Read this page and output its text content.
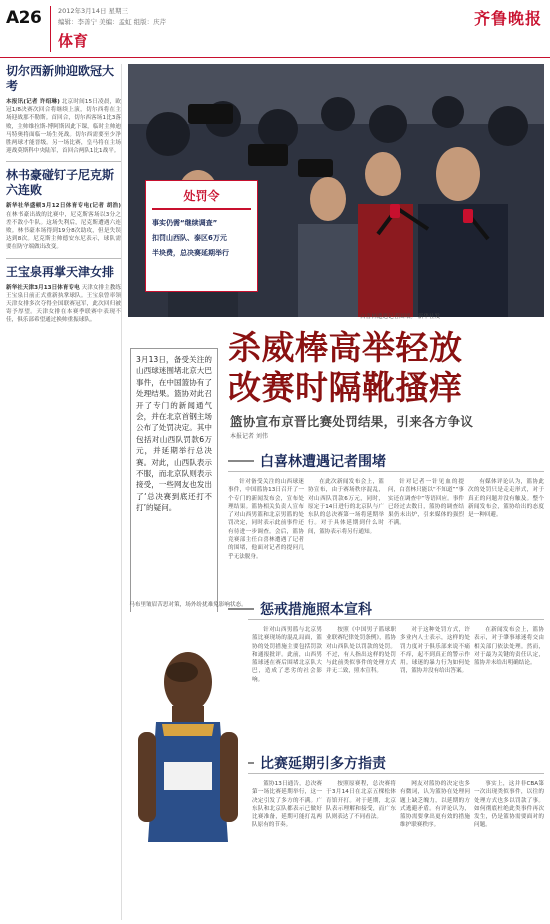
A26	2012年3月14日 星期三
编辑：李善宁 美编：孟虹 组版：庆芹
体育
齐鲁晚报
切尔西新帅迎欧冠大考
本报讯(记者 许绍琳) 北京时间15日凌晨，欧冠1/8决赛次回合将继续上演，切尔西将在主场迎战那不勒斯。首回合，切尔西客场1比3落败，主帅维拉斯-博阿斯因此下课，临时主帅迪马特奥将面临一场生死战。切尔西需要至少净胜两球才能晋级。另一场比赛，皇马将在主场迎战莫斯科中央陆军，首回合两队1比1战平。
林书豪碰钉子尼克斯六连败
新华社华盛顿3月12日体育专电(记者 胡浩) 在林书豪出战的比赛中，尼克斯客场以3分之差不敌小牛队。这场失利后，尼克斯遭遇六连败。林书豪本场得到19分8次助攻，但是失误达到8次。尼克斯主帅德安东尼表示，球队需要在防守端做出改变。
王宝泉再掌天津女排
新华社天津3月13日体育专电 天津女排主教练王宝泉日前正式重新执掌球队。王宝泉曾率领天津女排多次夺得全国联赛冠军，此次回归被寄予厚望。天津女排在本赛季联赛中表现不佳，俱乐部希望通过换帅重振球队。
白喜林遭遇记者围堵。 新华社发
处罚令
事实仍需“继续调查”
扣罚山西队、泰区6万元
半块费，总决赛延期举行
3月13日，备受关注的山西球迷围堵北京大巴事件，在中国篮协有了处理结果。篮协对此召开了专门的新闻通气会，并在北京首钢主场公布了处罚决定。其中包括对山西队罚款6万元，并延期举行总决赛。对此，山西队表示不服，而北京队则表示接受，一些网友也发出了‘总决赛到底还打不打’的疑问。
杀威棒高举轻放
改赛时隔靴搔痒
篮协宣布京晋比赛处罚结果，引来各方争议
本报记者 刘伟
白喜林遭遇记者围堵

针对备受关注的山西球迷事件，中国篮协13日召开了一个专门的新闻发布会，宣布处理结果。篮协相关负责人宣布了对山西男篮和北京男篮的处罚决定，同时表示此前事件还有待进一步调查。会后，篮协竞赛部主任白喜林遭遇了记者的围堵，他面对记者的提问几乎无法脱身。

在此次新闻发布会上，篮协宣布，由于赛场秩序混乱，对山西队罚款6万元，同时，原定于14日进行的北京队与广东队的总决赛第一场将延期举行。对于具体延期到什么时间，篮协表示将另行通知。

针对记者一针见血的提问，白喜林只能以“不知道”“事实还在调查中”等语回应。事件已经过去数日，篮协的调查结果仍未出炉，引来媒体的强烈不满。

有媒体评论认为，篮协此次的处罚只是走走形式，对于真正的问题并没有触及。整个新闻发布会，篮协给出的态度是一种回避。

惩戒措施照本宣科

针对山西男篮与北京男篮比赛现场的混乱局面，篮协的处罚措施主要包括罚款和通报批评。此前，山西男篮球迷在赛后围堵北京队大巴，造成了恶劣的社会影响。

按照《中国男子篮球职业联赛纪律处罚条例》，篮协对山西队处以罚款的处罚。不过，有人指出这样的处罚与此前类似事件的处理方式并无二致，照本宣科。

对于这种处罚方式，许多业内人士表示，这样的处罚力度对于俱乐部来说不痛不痒，起不到真正的警示作用。球迷的暴力行为如何处罚，篮协并没有给出答案。

在新闻发布会上，篮协表示，对于肇事球迷将交由相关部门依法处理。然而，对于最为关键的责任认定，篮协并未给出明确结论。

比赛延期引多方指责

篮协13日通告，总决赛第一场比赛延期举行，这一决定引发了多方的不满。广东队和北京队都表示已做好比赛准备，延期可能打乱两队原有的节奏。

按照原赛程，总决赛将于3月14日在北京五棵松体育馆开打。对于延期，北京队表示理解和接受，而广东队则表达了不同看法。

网友对篮协的决定也多有微词，认为篮协在处理问题上缺乏魄力，以延期的方式逃避矛盾。有评论认为，篮协需要拿出更有效的措施维护联赛秩序。

事实上，这并非CBA第一次出现类似事件，以往的处理方式也多以罚款了事。如何彻底杜绝此类事件再次发生，仍是篮协需要面对的问题。

马布里皱眉苦思对策，场外纷扰难免影响状态。
